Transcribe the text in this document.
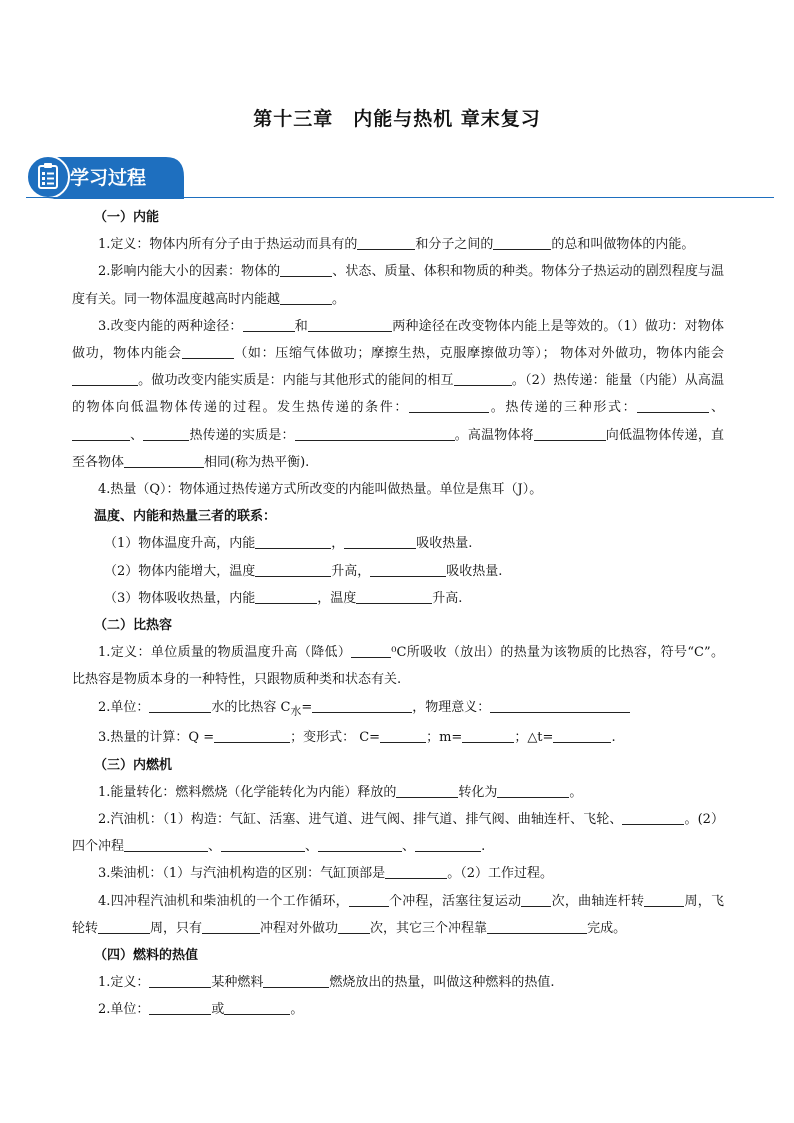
第十三章　内能与热机 章末复习
学习过程
（一）内能
1.定义：物体内所有分子由于热运动而具有的	和分子之间的	的总和叫做物体的内能。
2.影响内能大小的因素：物体的	、状态、质量、体积和物质的种类。物体分子热运动的剧烈程度与温度有关。同一物体温度越高时内能越	。
3.改变内能的两种途径：	和	两种途径在改变物体内能上是等效的。（1）做功：对物体做功，物体内能会	（如：压缩气体做功；摩擦生热，克服摩擦做功等）； 物体对外做功，物体内能会。做功改变内能实质是：内能与其他形式的能间的相互	。（2）热传递：能量（内能）从高温的物体向低温物体传递的过程。发生热传递的条件：	。热传递的三种形式：	、、	热传递的实质是：	。高温物体将	向低温物体传递，直至各物体	相同(称为热平衡).
4.热量（Q）：物体通过热传递方式所改变的内能叫做热量。单位是焦耳（J）。
温度、内能和热量三者的联系：
（1）物体温度升高，内能	，	吸收热量.
（2）物体内能增大，温度	升高，	吸收热量.
（3）物体吸收热量，内能	，温度	升高.
（二）比热容
1.定义：单位质量的物质温度升高（降低）	⁰C所吸收（放出）的热量为该物质的比热容，符号“C”。 比热容是物质本身的一种特性，只跟物质种类和状态有关.
2.单位：	水的比热容 $C_水=$	，物理意义：
3.热量的计算：Q =	；变形式： C=	；m=	；△t=	.
（三）内燃机
1.能量转化：燃料燃烧（化学能转化为内能）释放的	转化为	。
2.汽油机：（1）构造：气缸、活塞、进气道、进气阀、排气道、排气阀、曲轴连杆、飞轮、	。(2）四个冲程	、	、	、	.
3.柴油机：（1）与汽油机构造的区别：气缸顶部是	。（2）工作过程。
4.四冲程汽油机和柴油机的一个工作循环，	个冲程，活塞往复运动 次，曲轴连杆转	周，飞轮转	周，只有	冲程对外做功 次，其它三个冲程靠	完成。
（四）燃料的热值
1.定义：	某种燃料	燃烧放出的热量，叫做这种燃料的热值.
2.单位：	或	。
